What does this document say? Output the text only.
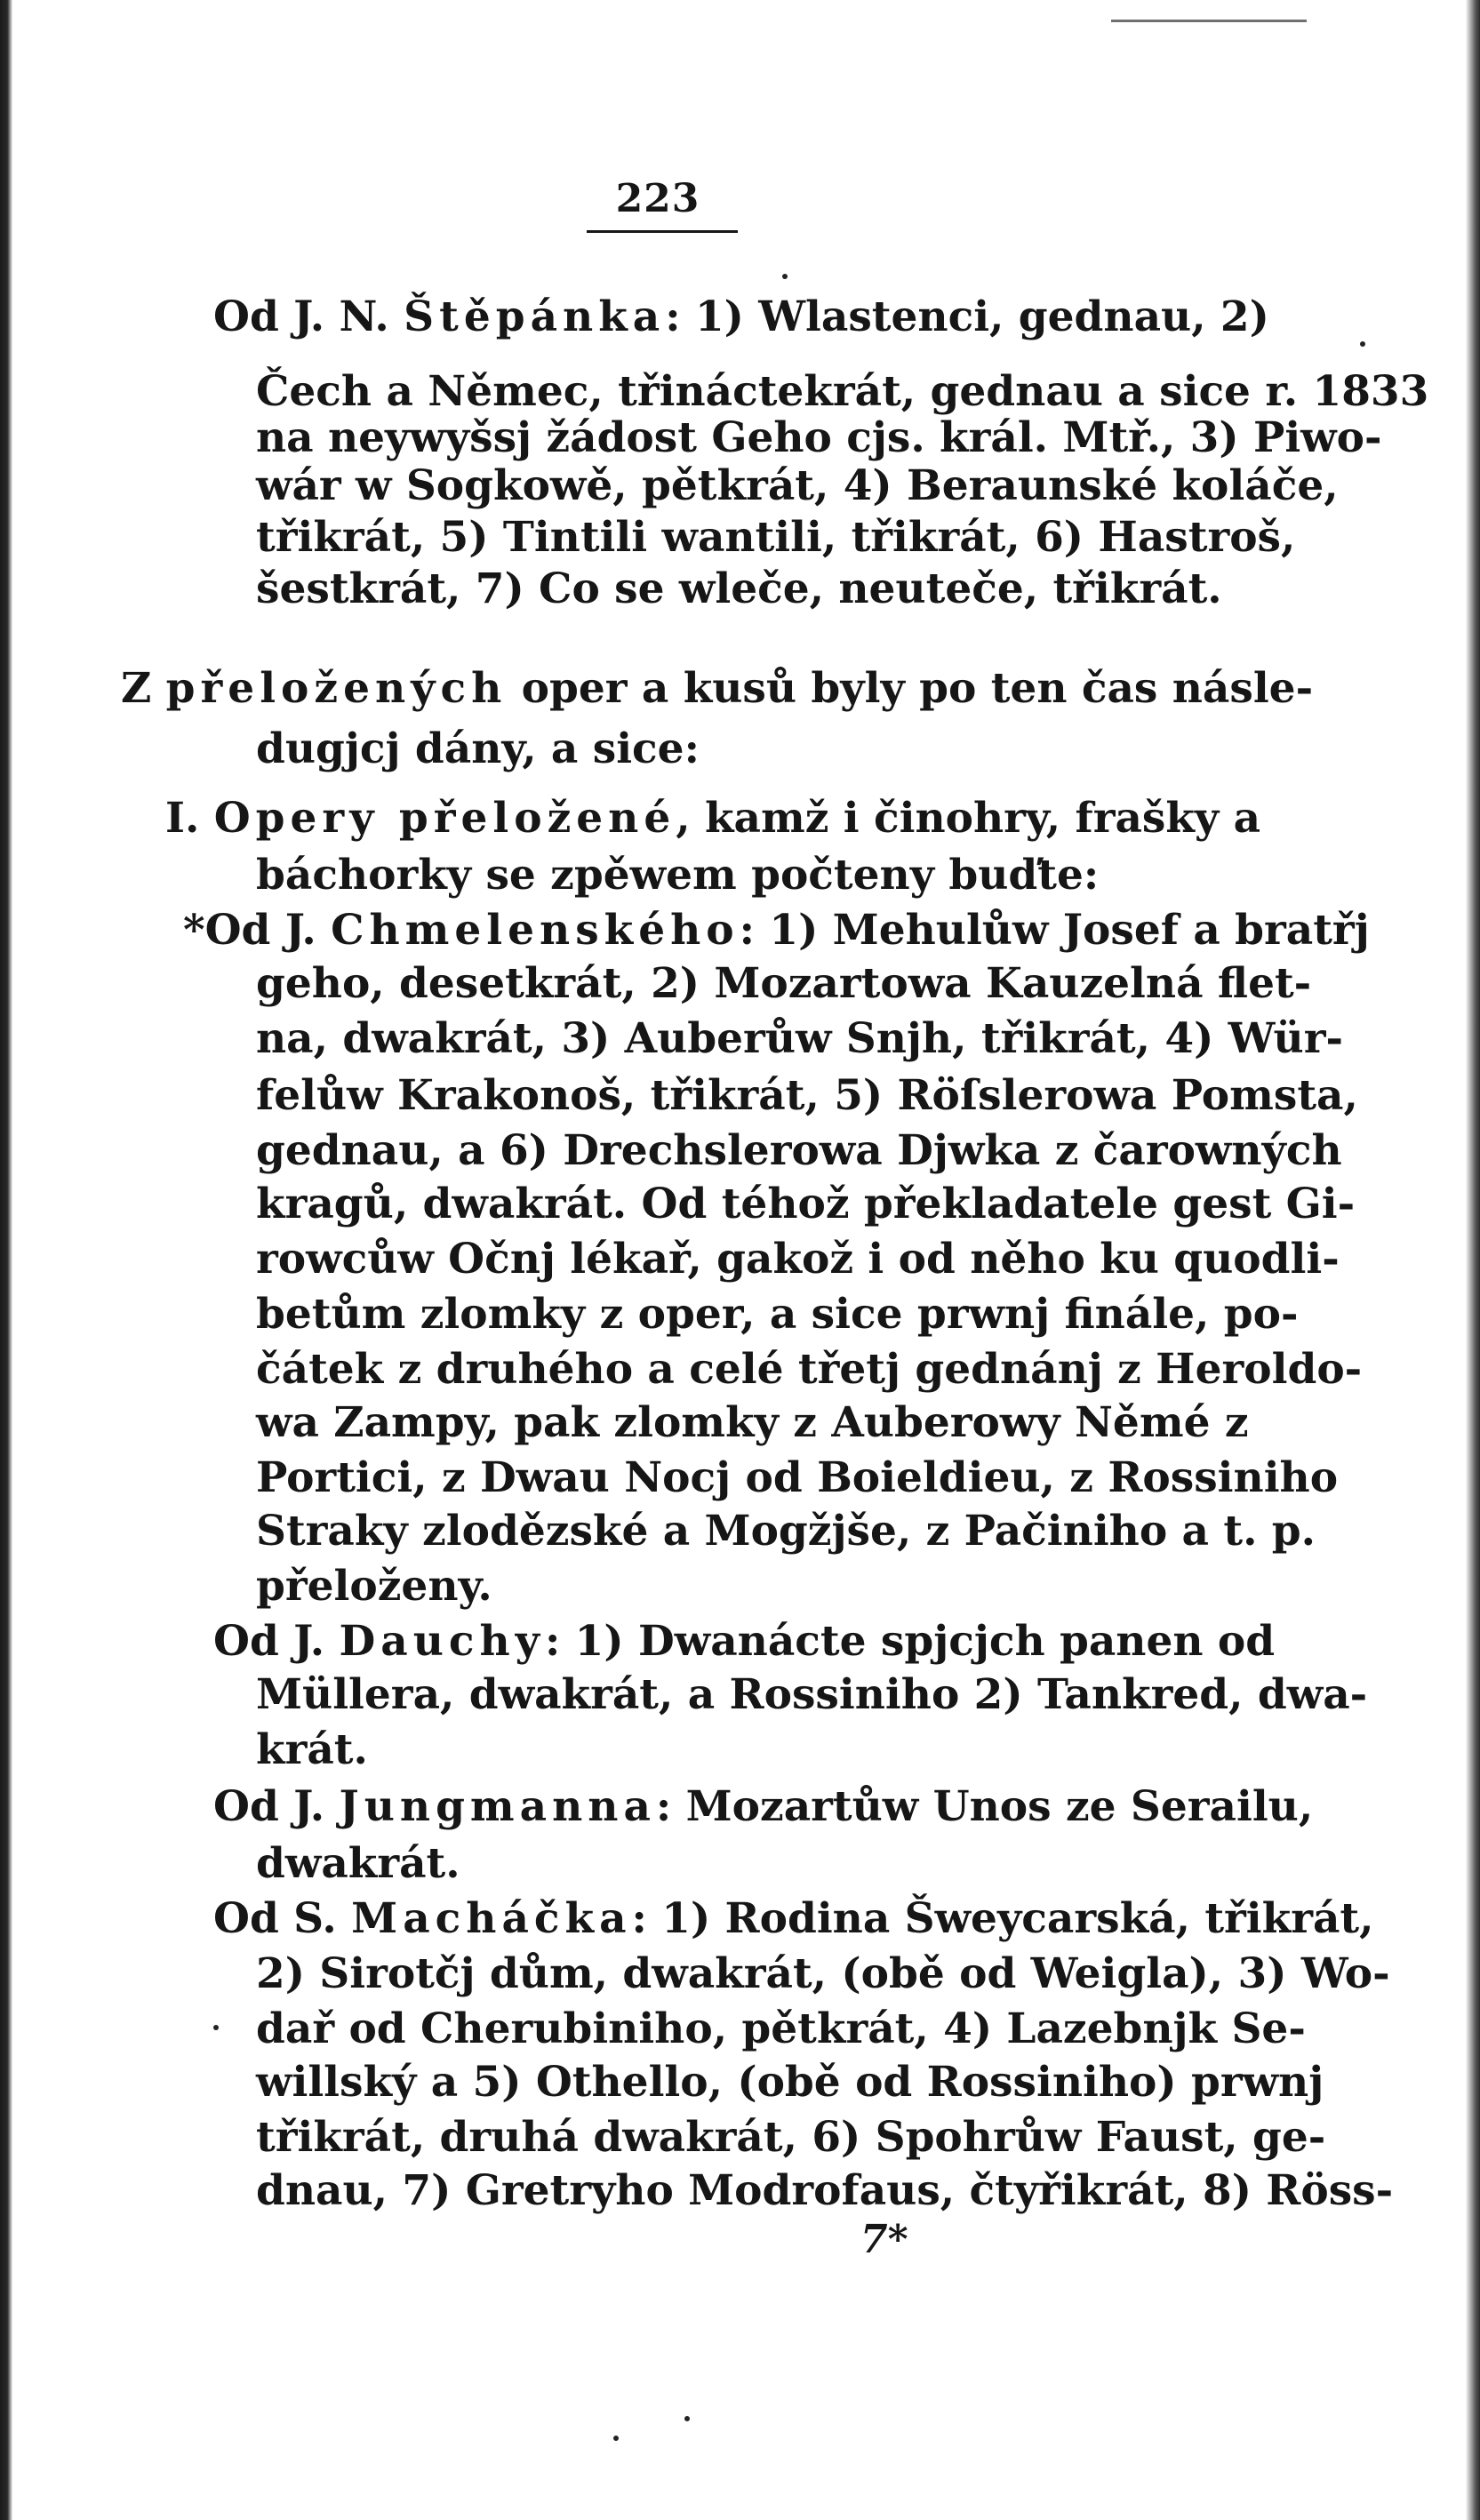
223
Od J. N. Štěpánka: 1) Wlastenci, gednau, 2)
Čech a Němec, třináctekrát, gednau a sice r. 1833
na neywyšsj žádost Geho cjs. král. Mtř., 3) Piwo-
wár w Sogkowě, pětkrát, 4) Beraunské koláče,
třikrát, 5) Tintili wantili, třikrát, 6) Hastroš,
šestkrát, 7) Co se wleče, neuteče, třikrát.
Z přeložených oper a kusů byly po ten čas násle-
dugjcj dány, a sice:
I. Opery přeložené, kamž i činohry, frašky a
báchorky se zpěwem počteny buďte:
*Od J. Chmelenského: 1) Mehulůw Josef a bratřj
geho, desetkrát, 2) Mozartowa Kauzelná flet-
na, dwakrát, 3) Auberůw Snjh, třikrát, 4) Wür-
felůw Krakonoš, třikrát, 5) Röſslerowa Pomsta,
gednau, a 6) Drechslerowa Djwka z čarowných
kragů, dwakrát. Od téhož překladatele gest Gi-
rowcůw Očnj lékař, gakož i od něho ku quodli-
betům zlomky z oper, a sice prwnj finále, po-
čátek z druhého a celé třetj gednánj z Heroldo-
wa Zampy, pak zlomky z Auberowy Němé z
Portici, z Dwau Nocj od Boieldieu, z Rossiniho
Straky zlodězské a Mogžjše, z Pačiniho a t. p.
přeloženy.
Od J. Dauchy: 1) Dwanácte spjcjch panen od
Müllera, dwakrát, a Rossiniho 2) Tankred, dwa-
krát.
Od J. Jungmanna: Mozartůw Unos ze Serailu,
dwakrát.
Od S. Macháčka: 1) Rodina Šweycarská, třikrát,
2) Sirotčj dům, dwakrát, (obě od Weigla), 3) Wo-
dař od Cherubiniho, pětkrát, 4) Lazebnjk Se-
willský a 5) Othello, (obě od Rossiniho) prwnj
třikrát, druhá dwakrát, 6) Spohrůw Faust, ge-
dnau, 7) Gretryho Modrofaus, čtyřikrát, 8) Röss-
7*
